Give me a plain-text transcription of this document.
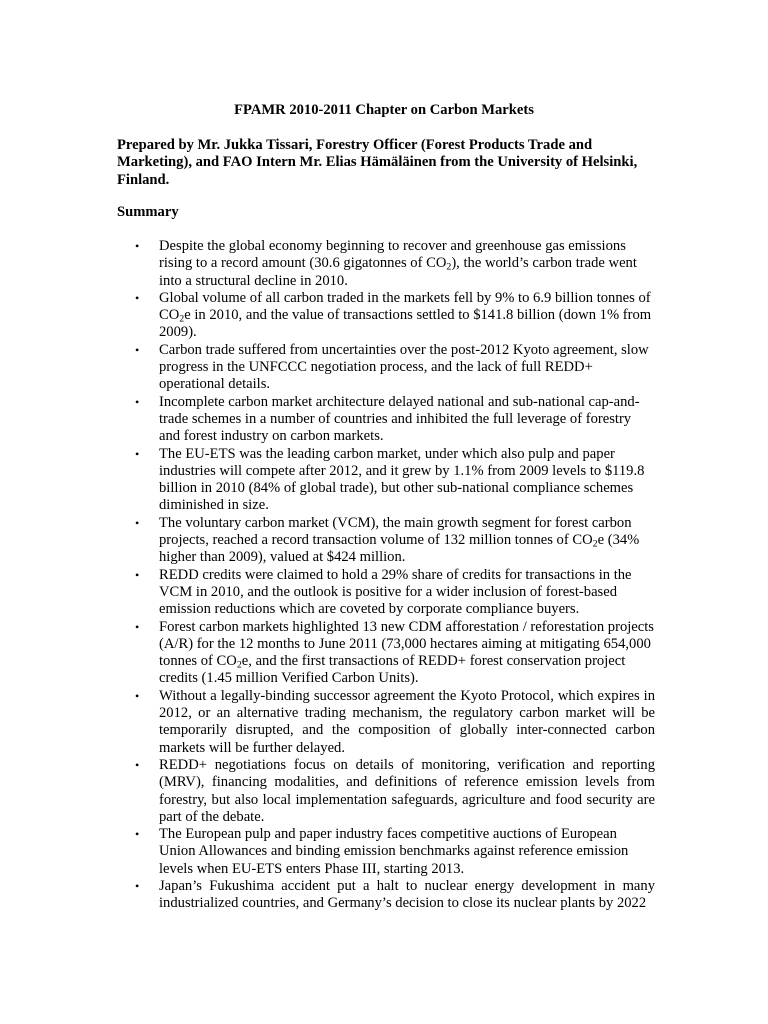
FPAMR 2010-2011 Chapter on Carbon Markets

Prepared by Mr. Jukka Tissari, Forestry Officer (Forest Products Trade and Marketing), and FAO Intern Mr. Elias Hämäläinen from the University of Helsinki, Finland.

Summary

• Despite the global economy beginning to recover and greenhouse gas emissions rising to a record amount (30.6 gigatonnes of $CO_2$), the world’s carbon trade went into a structural decline in 2010.
• Global volume of all carbon traded in the markets fell by 9% to 6.9 billion tonnes of $CO_2e$ in 2010, and the value of transactions settled to $141.8 billion (down 1% from 2009).
• Carbon trade suffered from uncertainties over the post-2012 Kyoto agreement, slow progress in the UNFCCC negotiation process, and the lack of full REDD+ operational details.
• Incomplete carbon market architecture delayed national and sub-national cap-and-trade schemes in a number of countries and inhibited the full leverage of forestry and forest industry on carbon markets.
• The EU-ETS was the leading carbon market, under which also pulp and paper industries will compete after 2012, and it grew by 1.1% from 2009 levels to $119.8 billion in 2010 (84% of global trade), but other sub-national compliance schemes diminished in size.
• The voluntary carbon market (VCM), the main growth segment for forest carbon projects, reached a record transaction volume of 132 million tonnes of $CO_2e$ (34% higher than 2009), valued at $424 million.
• REDD credits were claimed to hold a 29% share of credits for transactions in the VCM in 2010, and the outlook is positive for a wider inclusion of forest-based emission reductions which are coveted by corporate compliance buyers.
• Forest carbon markets highlighted 13 new CDM afforestation / reforestation projects (A/R) for the 12 months to June 2011 (73,000 hectares aiming at mitigating 654,000 tonnes of $CO_2e$, and the first transactions of REDD+ forest conservation project credits (1.45 million Verified Carbon Units).
• Without a legally-binding successor agreement the Kyoto Protocol, which expires in 2012, or an alternative trading mechanism, the regulatory carbon market will be temporarily disrupted, and the composition of globally inter-connected carbon markets will be further delayed.
• REDD+ negotiations focus on details of monitoring, verification and reporting (MRV), financing modalities, and definitions of reference emission levels from forestry, but also local implementation safeguards, agriculture and food security are part of the debate.
• The European pulp and paper industry faces competitive auctions of European Union Allowances and binding emission benchmarks against reference emission levels when EU-ETS enters Phase III, starting 2013.
• Japan’s Fukushima accident put a halt to nuclear energy development in many industrialized countries, and Germany’s decision to close its nuclear plants by 2022
